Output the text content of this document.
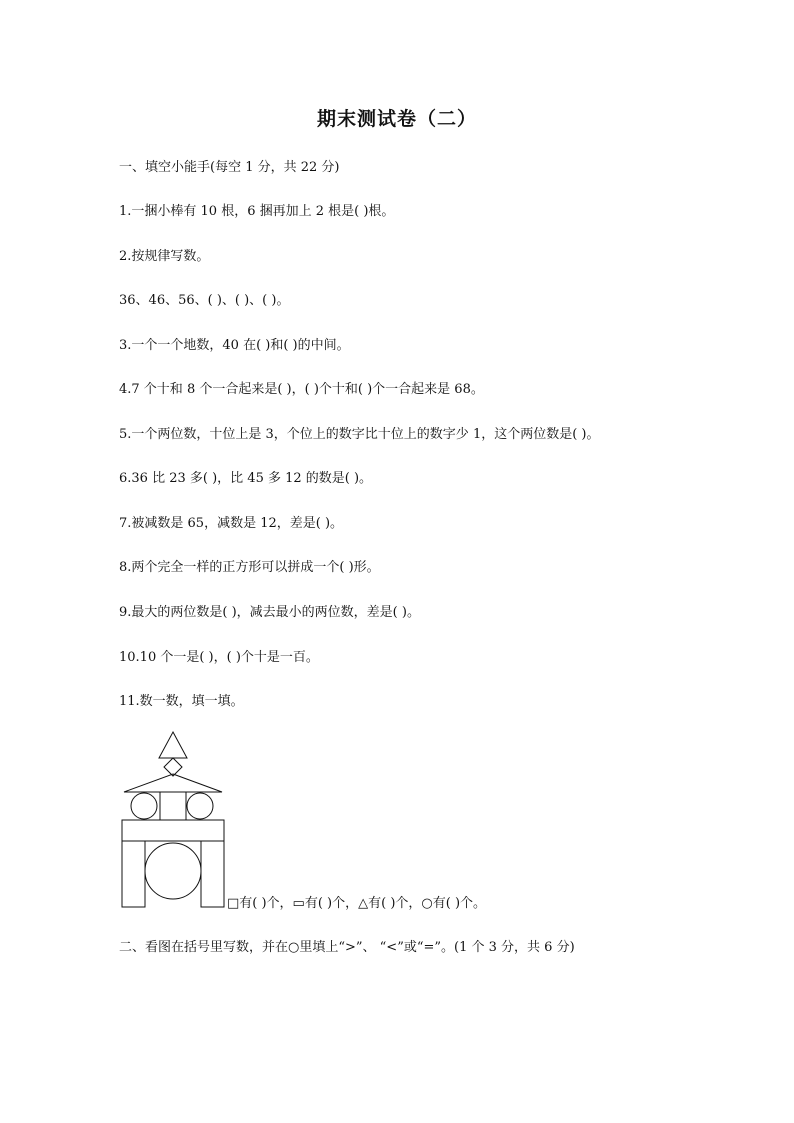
期末测试卷（二）
一、填空小能手(每空 1 分，共 22 分)
1.一捆小棒有 10 根，6 捆再加上 2 根是( )根。
2.按规律写数。
36、46、56、( )、( )、( )。
3.一个一个地数，40 在( )和( )的中间。
4.7 个十和 8 个一合起来是( )，( )个十和( )个一合起来是 68。
5.一个两位数，十位上是 3，个位上的数字比十位上的数字少 1，这个两位数是( )。
6.36 比 23 多( )，比 45 多 12 的数是( )。
7.被减数是 65，减数是 12，差是( )。
8.两个完全一样的正方形可以拼成一个( )形。
9.最大的两位数是( )，减去最小的两位数，差是( )。
10.10 个一是( )，( )个十是一百。
11.数一数，填一填。
□有( )个，▭有( )个，△有( )个，○有( )个。
二、看图在括号里写数，并在○里填上“>”、 “<”或“=”。(1 个 3 分，共 6 分)
